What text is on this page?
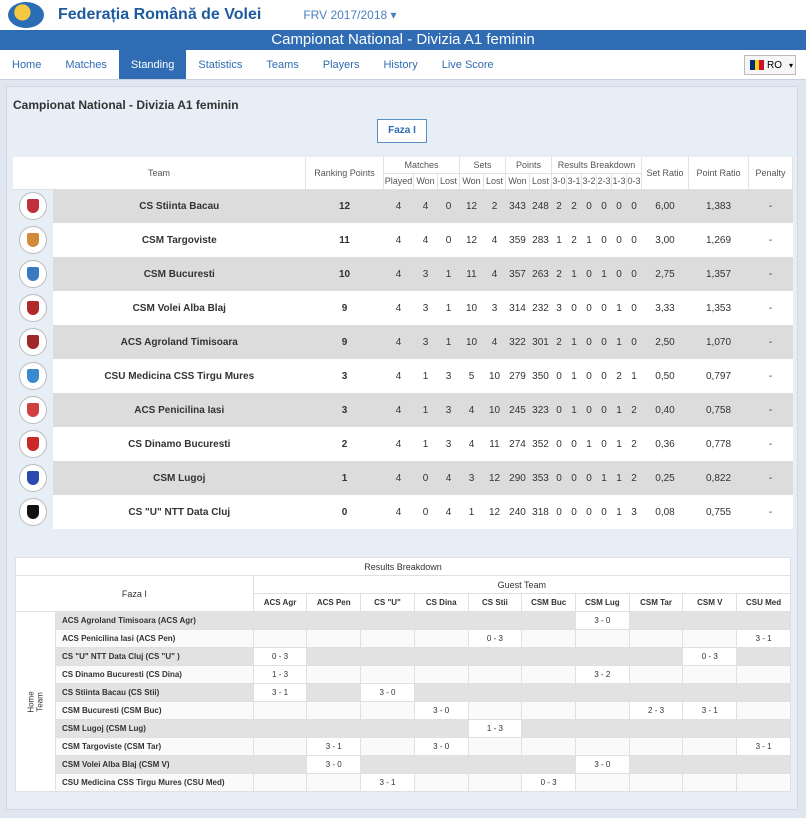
Federația Română de Volei	FRV 2017/2018 ▾
Campionat National - Divizia A1 feminin
Home	Matches	Standing	Statistics	Teams	Players	History	Live Score	RO ▾
Campionat National - Divizia A1 feminin
Faza I
Team		Ranking Points	Matches			Sets		Points		Results Breakdown						Set Ratio	Point Ratio	Penalty
			Played	Won	Lost	Won	Lost	Won	Lost	3-0	3-1	3-2	2-3	1-3	0-3			

	CS Stiinta Bacau	12	4	4	0	12	2	343	248	2	2	0	0	0	0	6,00	1,383	-

	CSM Targoviste	11	4	4	0	12	4	359	283	1	2	1	0	0	0	3,00	1,269	-

	CSM Bucuresti	10	4	3	1	11	4	357	263	2	1	0	1	0	0	2,75	1,357	-

	CSM Volei Alba Blaj	9	4	3	1	10	3	314	232	3	0	0	0	1	0	3,33	1,353	-

	ACS Agroland Timisoara	9	4	3	1	10	4	322	301	2	1	0	0	1	0	2,50	1,070	-

	CSU Medicina CSS Tirgu Mures	3	4	1	3	5	10	279	350	0	1	0	0	2	1	0,50	0,797	-

	ACS Penicilina Iasi	3	4	1	3	4	10	245	323	0	1	0	0	1	2	0,40	0,758	-

	CS Dinamo Bucuresti	2	4	1	3	4	11	274	352	0	0	1	0	1	2	0,36	0,778	-

	CSM Lugoj	1	4	0	4	3	12	290	353	0	0	0	1	1	2	0,25	0,822	-

	CS "U" NTT Data Cluj	0	4	0	4	1	12	240	318	0	0	0	0	1	3	0,08	0,755	-
Results Breakdown											
Faza I		Guest Team									
		ACS Agr	ACS Pen	CS "U"	CS Dina	CS Stii	CSM Buc	CSM Lug	CSM Tar	CSM V	CSU Med

Home Team	ACS Agroland Timisoara (ACS Agr)							3 - 0			
	ACS Penicilina Iasi (ACS Pen)					0 - 3					3 - 1
	CS "U" NTT Data Cluj (CS "U" )	0 - 3								0 - 3	
	CS Dinamo Bucuresti (CS Dina)	1 - 3						3 - 2			
	CS Stiinta Bacau (CS Stii)	3 - 1		3 - 0							
	CSM Bucuresti (CSM Buc)				3 - 0				2 - 3	3 - 1	
	CSM Lugoj (CSM Lug)					1 - 3					
	CSM Targoviste (CSM Tar)		3 - 1		3 - 0						3 - 1
	CSM Volei Alba Blaj (CSM V)		3 - 0					3 - 0			
	CSU Medicina CSS Tirgu Mures (CSU Med)			3 - 1			0 - 3				
